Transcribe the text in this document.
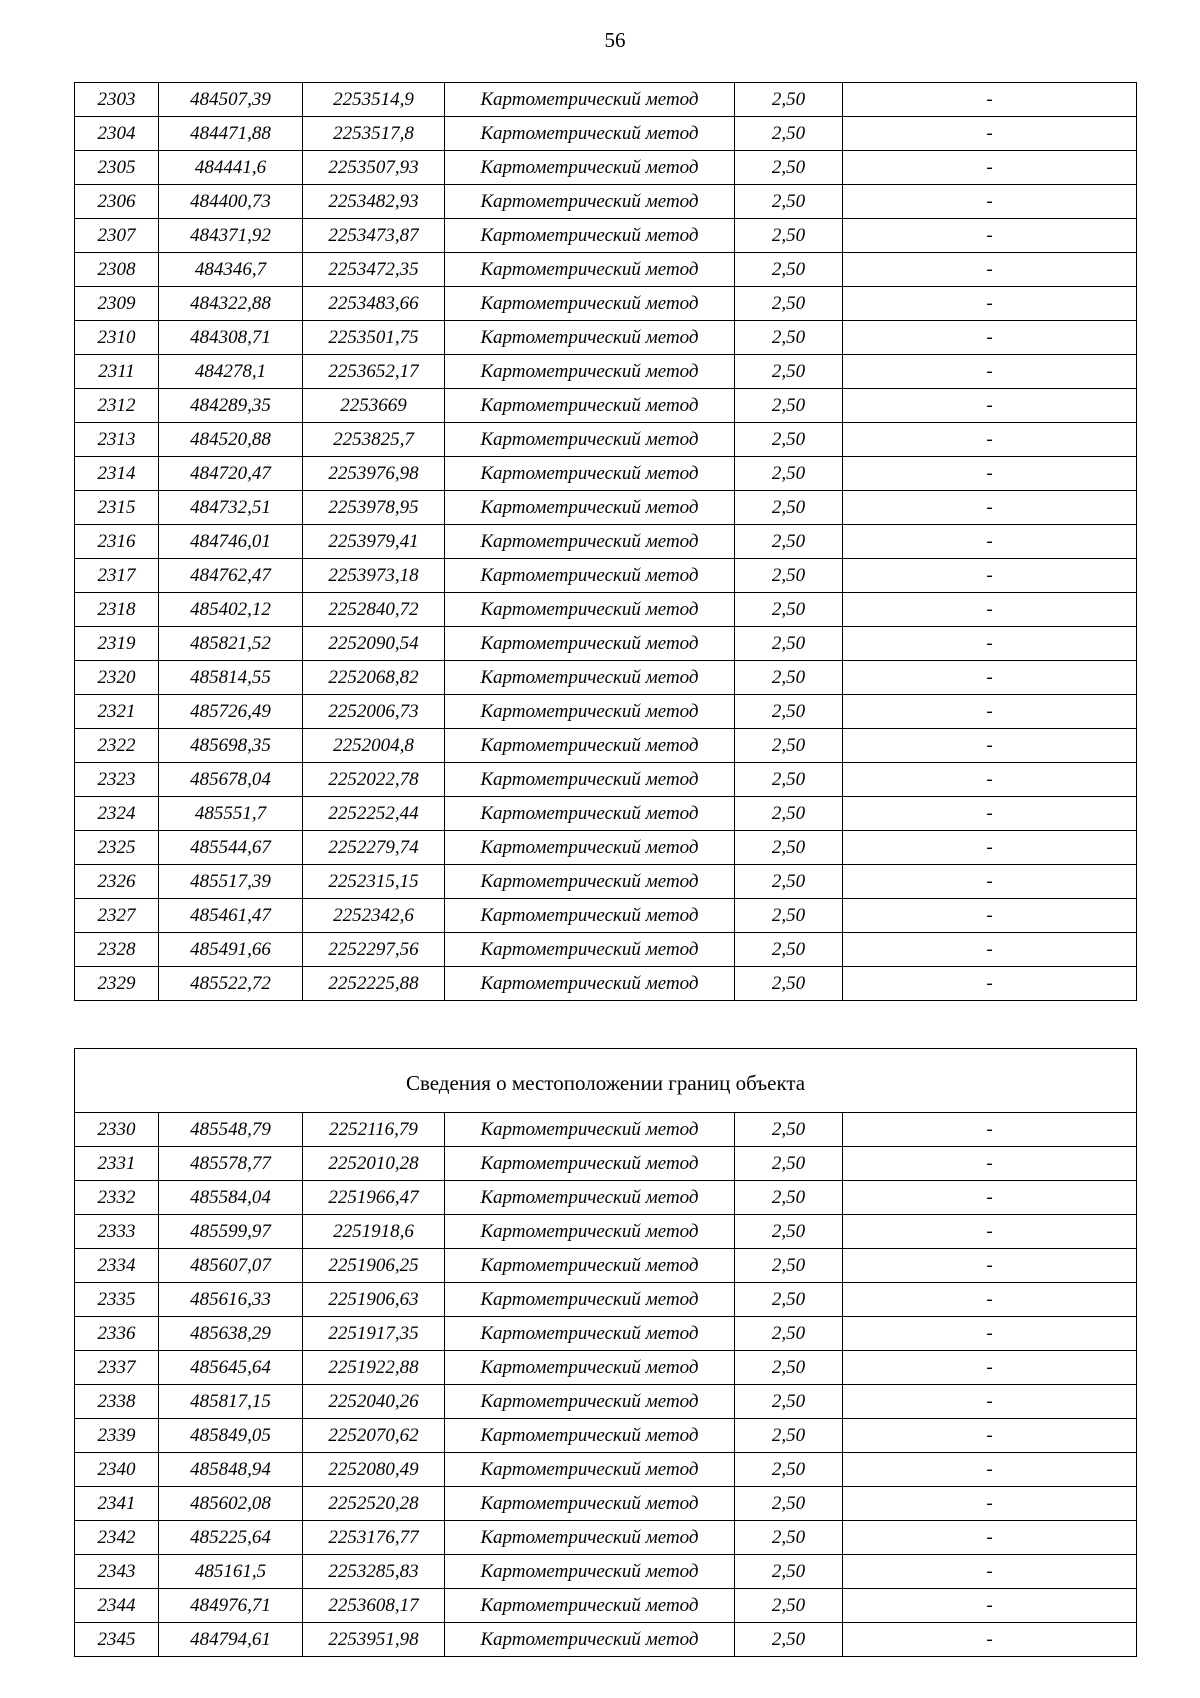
56
2303	484507,39	2253514,9	Картометрический метод	2,50	-
2304	484471,88	2253517,8	Картометрический метод	2,50	-
2305	484441,6	2253507,93	Картометрический метод	2,50	-
2306	484400,73	2253482,93	Картометрический метод	2,50	-
2307	484371,92	2253473,87	Картометрический метод	2,50	-
2308	484346,7	2253472,35	Картометрический метод	2,50	-
2309	484322,88	2253483,66	Картометрический метод	2,50	-
2310	484308,71	2253501,75	Картометрический метод	2,50	-
2311	484278,1	2253652,17	Картометрический метод	2,50	-
2312	484289,35	2253669	Картометрический метод	2,50	-
2313	484520,88	2253825,7	Картометрический метод	2,50	-
2314	484720,47	2253976,98	Картометрический метод	2,50	-
2315	484732,51	2253978,95	Картометрический метод	2,50	-
2316	484746,01	2253979,41	Картометрический метод	2,50	-
2317	484762,47	2253973,18	Картометрический метод	2,50	-
2318	485402,12	2252840,72	Картометрический метод	2,50	-
2319	485821,52	2252090,54	Картометрический метод	2,50	-
2320	485814,55	2252068,82	Картометрический метод	2,50	-
2321	485726,49	2252006,73	Картометрический метод	2,50	-
2322	485698,35	2252004,8	Картометрический метод	2,50	-
2323	485678,04	2252022,78	Картометрический метод	2,50	-
2324	485551,7	2252252,44	Картометрический метод	2,50	-
2325	485544,67	2252279,74	Картометрический метод	2,50	-
2326	485517,39	2252315,15	Картометрический метод	2,50	-
2327	485461,47	2252342,6	Картометрический метод	2,50	-
2328	485491,66	2252297,56	Картометрический метод	2,50	-
2329	485522,72	2252225,88	Картометрический метод	2,50	-
Сведения о местоположении границ объекта					
2330	485548,79	2252116,79	Картометрический метод	2,50	-
2331	485578,77	2252010,28	Картометрический метод	2,50	-
2332	485584,04	2251966,47	Картометрический метод	2,50	-
2333	485599,97	2251918,6	Картометрический метод	2,50	-
2334	485607,07	2251906,25	Картометрический метод	2,50	-
2335	485616,33	2251906,63	Картометрический метод	2,50	-
2336	485638,29	2251917,35	Картометрический метод	2,50	-
2337	485645,64	2251922,88	Картометрический метод	2,50	-
2338	485817,15	2252040,26	Картометрический метод	2,50	-
2339	485849,05	2252070,62	Картометрический метод	2,50	-
2340	485848,94	2252080,49	Картометрический метод	2,50	-
2341	485602,08	2252520,28	Картометрический метод	2,50	-
2342	485225,64	2253176,77	Картометрический метод	2,50	-
2343	485161,5	2253285,83	Картометрический метод	2,50	-
2344	484976,71	2253608,17	Картометрический метод	2,50	-
2345	484794,61	2253951,98	Картометрический метод	2,50	-
